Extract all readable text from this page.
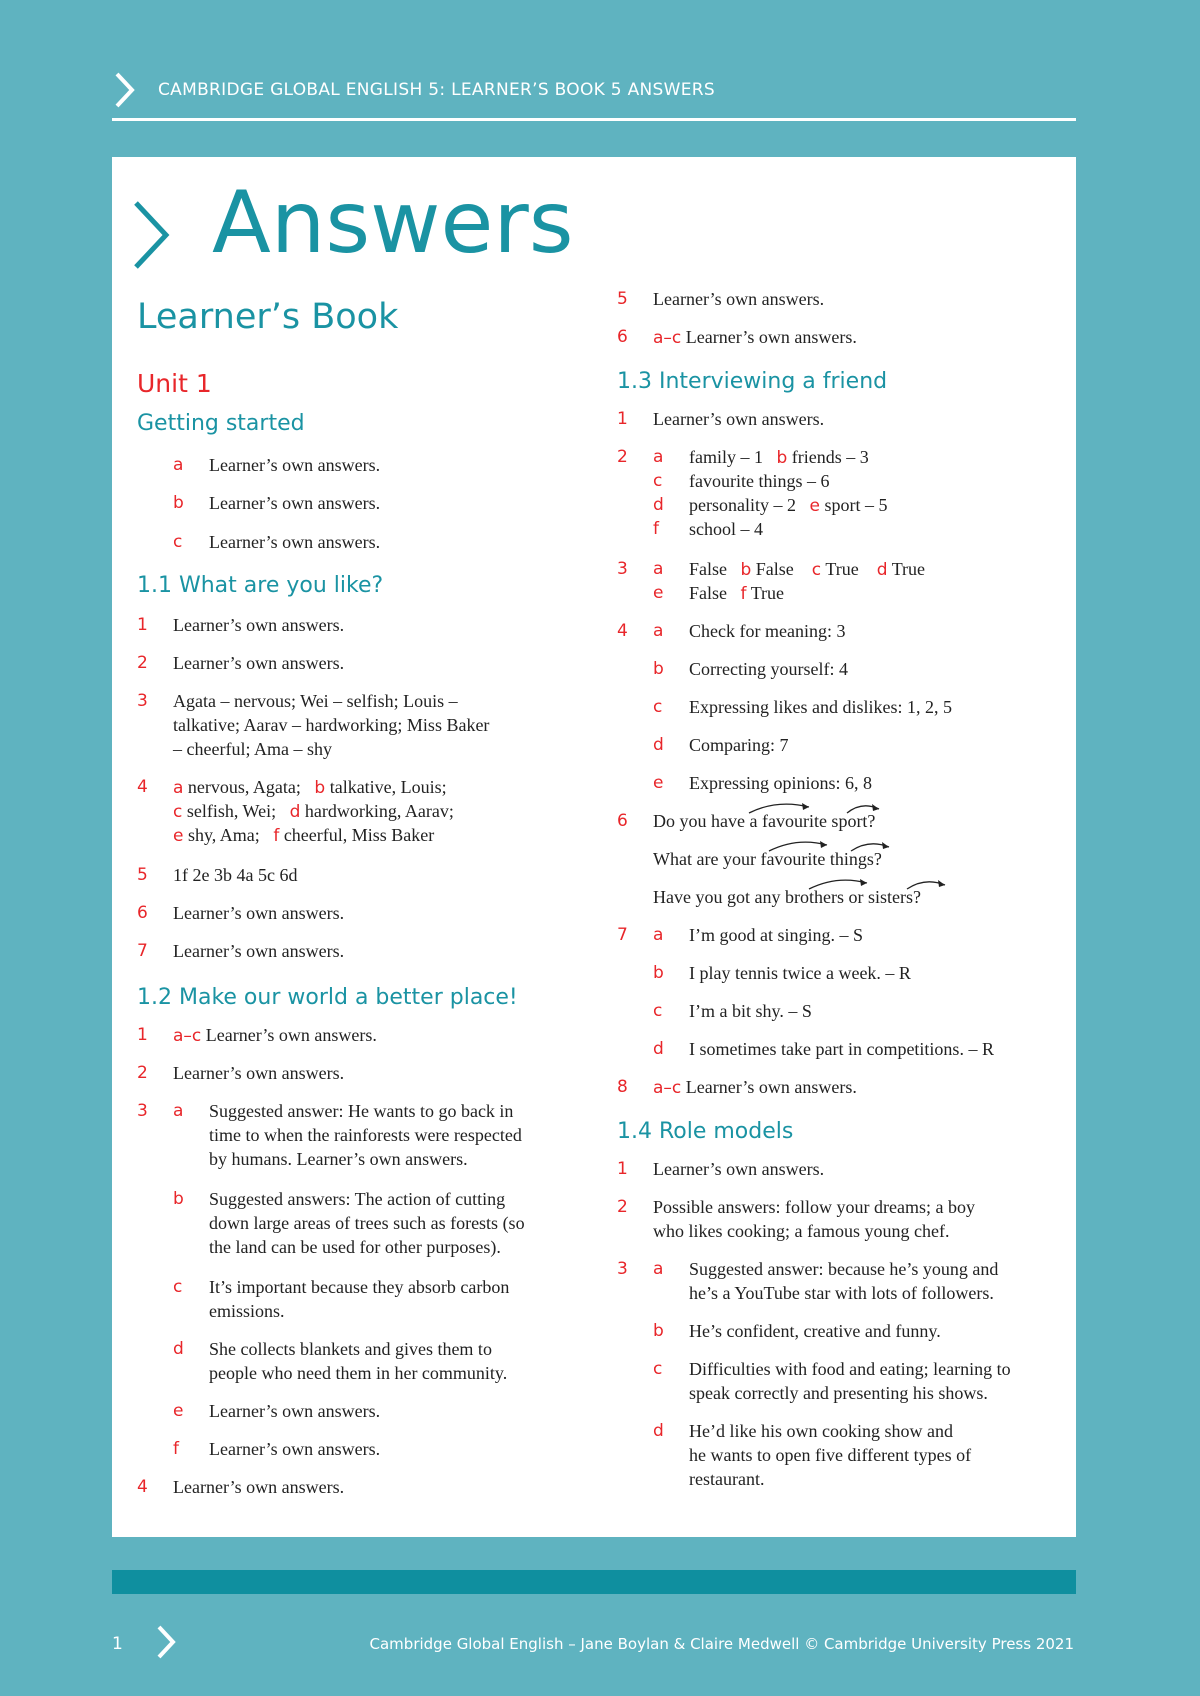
CAMBRIDGE GLOBAL ENGLISH 5: LEARNER’S BOOK 5 ANSWERS
Answers
Learner’s Book
Unit 1
Getting started
a Learner’s own answers.
b Learner’s own answers.
c Learner’s own answers.
1.1 What are you like?
1 Learner’s own answers.
2 Learner’s own answers.
3 Agata – nervous; Wei – selfish; Louis –
talkative; Aarav – hardworking; Miss Baker
– cheerful; Ama – shy
4 a nervous, Agata; b talkative, Louis;
c selfish, Wei; d hardworking, Aarav;
e shy, Ama; f cheerful, Miss Baker
5 1f 2e 3b 4a 5c 6d
6 Learner’s own answers.
7 Learner’s own answers.
1.2 Make our world a better place!
1 a–c Learner’s own answers.
2 Learner’s own answers.
3 a Suggested answer: He wants to go back in
time to when the rainforests were respected
by humans. Learner’s own answers.
b Suggested answers: The action of cutting
down large areas of trees such as forests (so
the land can be used for other purposes).
c It’s important because they absorb carbon
emissions.
d She collects blankets and gives them to
people who need them in her community.
e Learner’s own answers.
f Learner’s own answers.
4 Learner’s own answers.
5 Learner’s own answers.
6 a–c Learner’s own answers.
1.3 Interviewing a friend
1 Learner’s own answers.
2 a family – 1 b friends – 3
c favourite things – 6
d personality – 2 e sport – 5
f school – 4
3 a False b False c True d True
e False f True
4 a Check for meaning: 3
b Correcting yourself: 4
c Expressing likes and dislikes: 1, 2, 5
d Comparing: 7
e Expressing opinions: 6, 8
6 Do you have a favourite sport?
What are your favourite things?
Have you got any brothers or sisters?
7 a I’m good at singing. – S
b I play tennis twice a week. – R
c I’m a bit shy. – S
d I sometimes take part in competitions. – R
8 a–c Learner’s own answers.
1.4 Role models
1 Learner’s own answers.
2 Possible answers: follow your dreams; a boy
who likes cooking; a famous young chef.
3 a Suggested answer: because he’s young and
he’s a YouTube star with lots of followers.
b He’s confident, creative and funny.
c Difficulties with food and eating; learning to
speak correctly and presenting his shows.
d He’d like his own cooking show and
he wants to open five different types of
restaurant.
1	Cambridge Global English – Jane Boylan & Claire Medwell © Cambridge University Press 2021
